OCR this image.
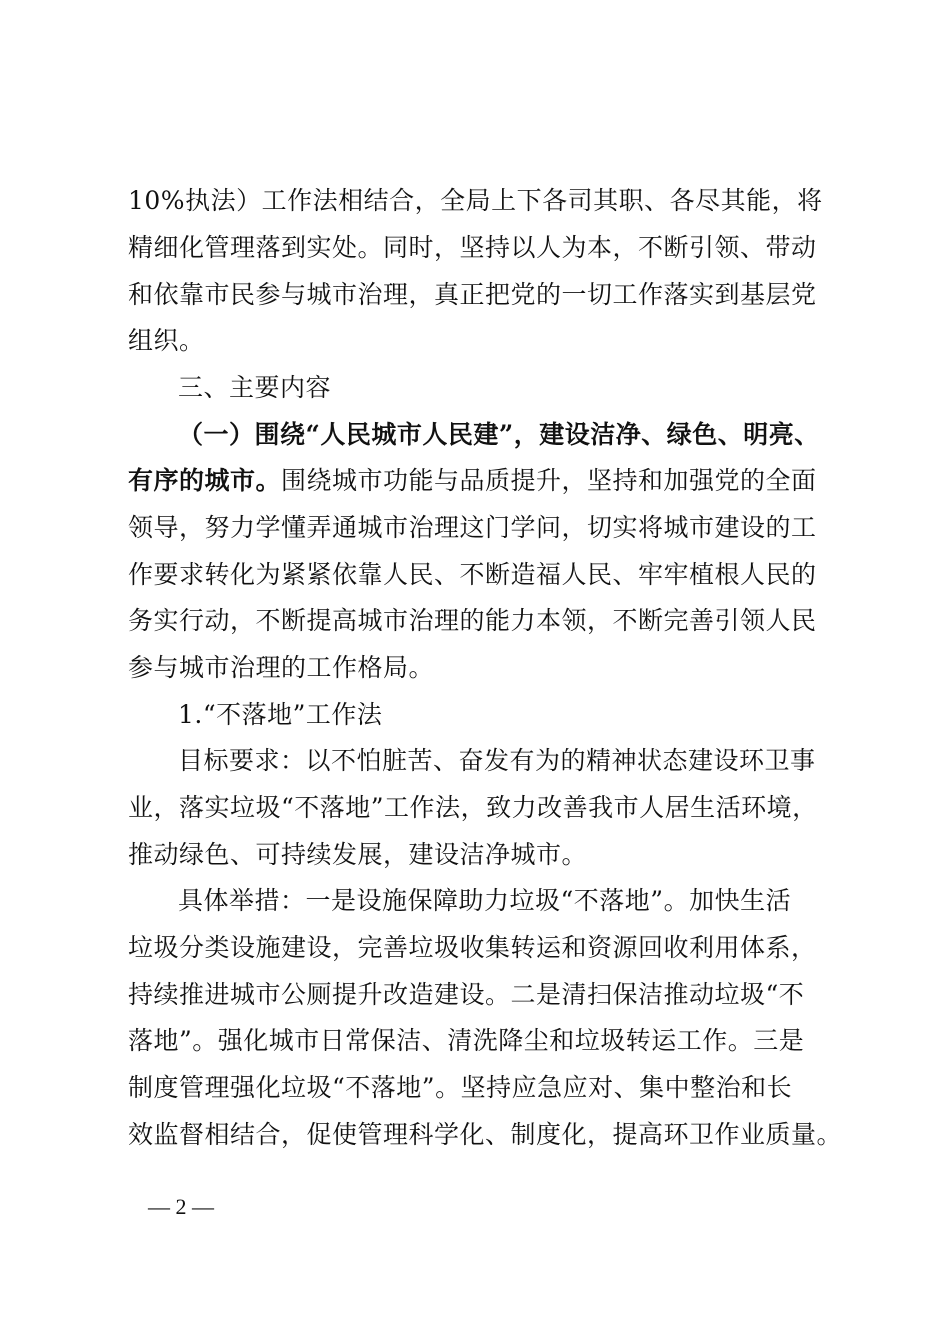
10%执法）工作法相结合，全局上下各司其职、各尽其能，将
精细化管理落到实处。同时，坚持以人为本，不断引领、带动
和依靠市民参与城市治理，真正把党的一切工作落实到基层党
组织。
三、主要内容
（一）围绕“人民城市人民建”，建设洁净、绿色、明亮、
有序的城市。围绕城市功能与品质提升，坚持和加强党的全面
领导，努力学懂弄通城市治理这门学问，切实将城市建设的工
作要求转化为紧紧依靠人民、不断造福人民、牢牢植根人民的
务实行动，不断提高城市治理的能力本领，不断完善引领人民
参与城市治理的工作格局。
1.“不落地”工作法
目标要求：以不怕脏苦、奋发有为的精神状态建设环卫事
业，落实垃圾“不落地”工作法，致力改善我市人居生活环境，
推动绿色、可持续发展，建设洁净城市。
具体举措：一是设施保障助力垃圾“不落地”。加快生活
垃圾分类设施建设，完善垃圾收集转运和资源回收利用体系，
持续推进城市公厕提升改造建设。二是清扫保洁推动垃圾“不
落地”。强化城市日常保洁、清洗降尘和垃圾转运工作。三是
制度管理强化垃圾“不落地”。坚持应急应对、集中整治和长
效监督相结合，促使管理科学化、制度化，提高环卫作业质量。
— 2 —
